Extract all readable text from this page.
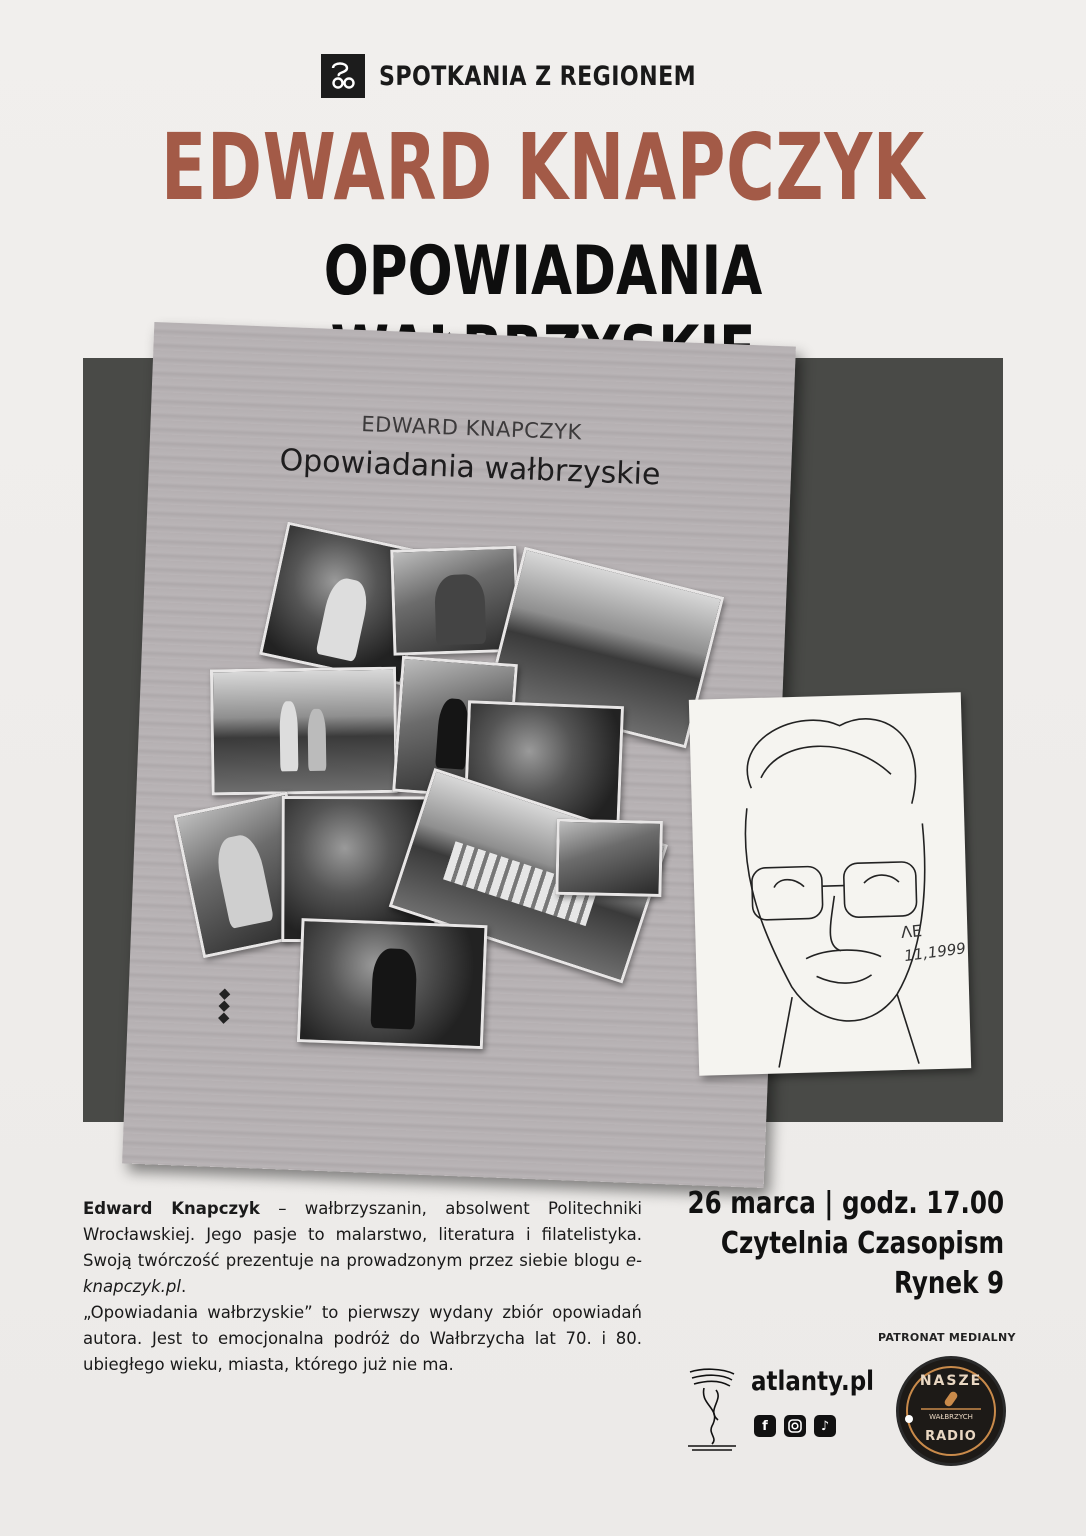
SPOTKANIA Z REGIONEM
EDWARD KNAPCZYK
OPOWIADANIA
EDWARD KNAPCZYK
Opowiadania wałbrzyskie
ΛE
11,1999
Edward Knapczyk – wałbrzyszanin, absolwent Politechniki Wrocławskiej. Jego pasje to malarstwo, literatura i filatelistyka. Swoją twórczość prezentuje na prowadzonym przez siebie blogu e-knapczyk.pl.
„Opowiadania wałbrzyskie” to pierwszy wydany zbiór opowiadań autora. Jest to emocjonalna podróż do Wałbrzycha lat 70. i 80. ubiegłego wieku, miasta, którego już nie ma.
26 marca | godz. 17.00
Czytelnia Czasopism
Rynek 9
atlanty.pl
f	♪
PATRONAT MEDIALNY
NASZE
WAŁBRZYCH
RADIO
